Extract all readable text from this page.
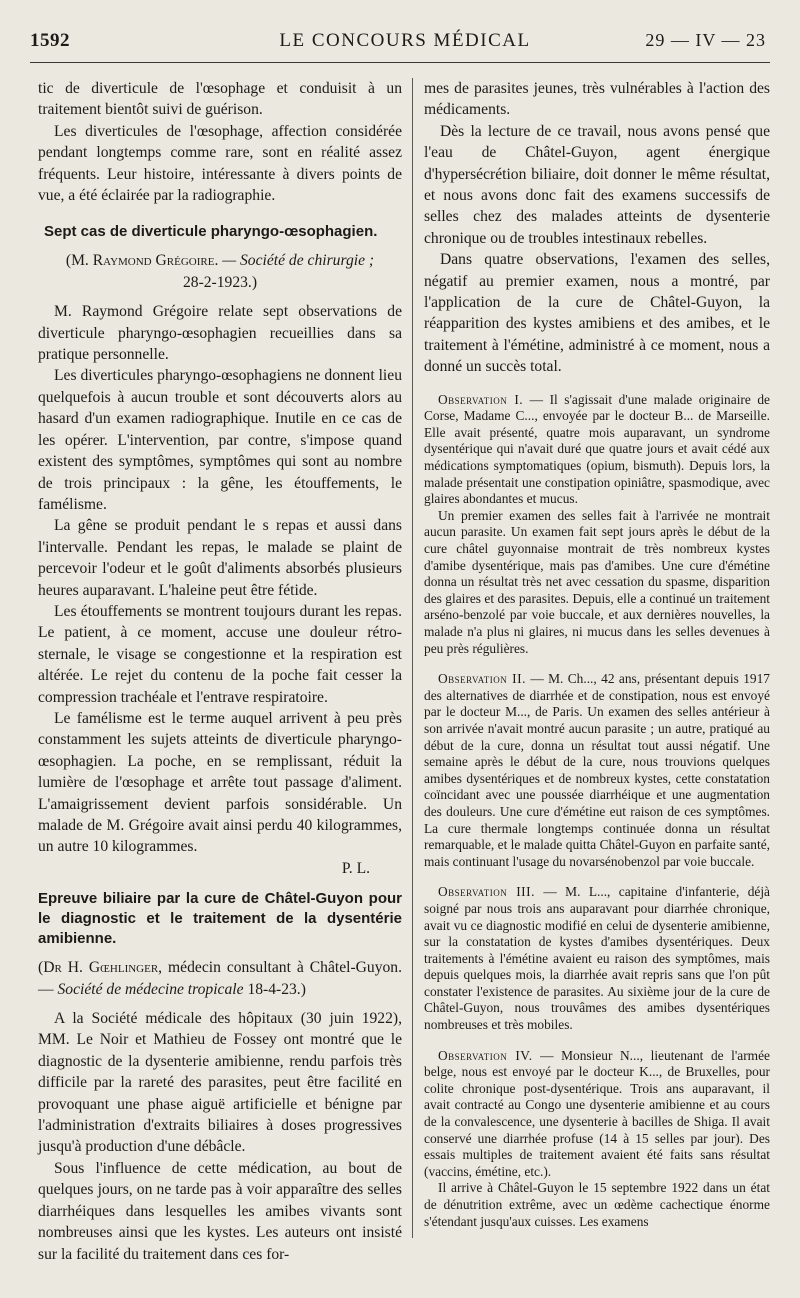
1592	LE CONCOURS MÉDICAL	29 — IV — 23

tic de diverticule de l'œsophage et conduisit à un traitement bientôt suivi de guérison.

Les diverticules de l'œsophage, affection considérée pendant longtemps comme rare, sont en réalité assez fréquents. Leur histoire, intéressante à divers points de vue, a été éclairée par la radiographie.

Sept cas de diverticule pharyngo-œsophagien.
(M. Raymond Grégoire. — Société de chirurgie ;
28-2-1923.)

M. Raymond Grégoire relate sept observations de diverticule pharyngo-œsophagien recueillies dans sa pratique personnelle.

Les diverticules pharyngo-œsophagiens ne donnent lieu quelquefois à aucun trouble et sont découverts alors au hasard d'un examen radiographique. Inutile en ce cas de les opérer. L'intervention, par contre, s'impose quand existent des symptômes, symptômes qui sont au nombre de trois principaux : la gêne, les étouffements, le famélisme.

La gêne se produit pendant le s repas et aussi dans l'intervalle. Pendant les repas, le malade se plaint de percevoir l'odeur et le goût d'aliments absorbés plusieurs heures auparavant. L'haleine peut être fétide.

Les étouffements se montrent toujours durant les repas. Le patient, à ce moment, accuse une douleur rétro-sternale, le visage se congestionne et la respiration est altérée. Le rejet du contenu de la poche fait cesser la compression trachéale et l'entrave respiratoire.

Le famélisme est le terme auquel arrivent à peu près constamment les sujets atteints de diverticule pharyngo-œsophagien. La poche, en se remplissant, réduit la lumière de l'œsophage et arrête tout passage d'aliment. L'amaigrissement devient parfois sonsidérable. Un malade de M. Grégoire avait ainsi perdu 40 kilogrammes, un autre 10 kilogrammes.

P. L.
Epreuve biliaire par la cure de Châtel-Guyon pour le diagnostic et le traitement de la dysentérie amibienne.
(Dr H. Gœhlinger, médecin consultant à Châtel-Guyon. — Société de médecine tropicale 18-4-23.)

A la Société médicale des hôpitaux (30 juin 1922), MM. Le Noir et Mathieu de Fossey ont montré que le diagnostic de la dysenterie amibienne, rendu parfois très difficile par la rareté des parasites, peut être facilité en provoquant une phase aiguë artificielle et bénigne par l'administration d'extraits biliaires à doses progressives jusqu'à production d'une débâcle.

Sous l'influence de cette médication, au bout de quelques jours, on ne tarde pas à voir apparaître des selles diarrhéiques dans lesquelles les amibes vivants sont nombreuses ainsi que les kystes. Les auteurs ont insisté sur la facilité du traitement dans ces for-

mes de parasites jeunes, très vulnérables à l'action des médicaments.

Dès la lecture de ce travail, nous avons pensé que l'eau de Châtel-Guyon, agent énergique d'hypersécrétion biliaire, doit donner le même résultat, et nous avons donc fait des examens successifs de selles chez des malades atteints de dysenterie chronique ou de troubles intestinaux rebelles.

Dans quatre observations, l'examen des selles, négatif au premier examen, nous a montré, par l'application de la cure de Châtel-Guyon, la réapparition des kystes amibiens et des amibes, et le traitement à l'émétine, administré à ce moment, nous a donné un succès total.

Observation I. — Il s'agissait d'une malade originaire de Corse, Madame C..., envoyée par le docteur B... de Marseille. Elle avait présenté, quatre mois auparavant, un syndrome dysentérique qui n'avait duré que quatre jours et avait cédé aux médications symptomatiques (opium, bismuth). Depuis lors, la malade présentait une constipation opiniâtre, spasmodique, avec glaires abondantes et mucus.

Un premier examen des selles fait à l'arrivée ne montrait aucun parasite. Un examen fait sept jours après le début de la cure châtel guyonnaise montrait de très nombreux kystes d'amibe dysentérique, mais pas d'amibes. Une cure d'émétine donna un résultat très net avec cessation du spasme, disparition des glaires et des parasites. Depuis, elle a continué un traitement arséno-benzolé par voie buccale, et aux dernières nouvelles, la malade n'a plus ni glaires, ni mucus dans les selles devenues à peu près régulières.

Observation II. — M. Ch..., 42 ans, présentant depuis 1917 des alternatives de diarrhée et de constipation, nous est envoyé par le docteur M..., de Paris. Un examen des selles antérieur à son arrivée n'avait montré aucun parasite ; un autre, pratiqué au début de la cure, donna un résultat tout aussi négatif. Une semaine après le début de la cure, nous trouvions quelques amibes dysentériques et de nombreux kystes, cette constatation coïncidant avec une poussée diarrhéique et une augmentation des douleurs. Une cure d'émétine eut raison de ces symptômes. La cure thermale longtemps continuée donna un résultat remarquable, et le malade quitta Châtel-Guyon en parfaite santé, mais continuant l'usage du novarsénobenzol par voie buccale.

Observation III. — M. L..., capitaine d'infanterie, déjà soigné par nous trois ans auparavant pour diarrhée chronique, avait vu ce diagnostic modifié en celui de dysenterie amibienne, sur la constatation de kystes d'amibes dysentériques. Deux traitements à l'émétine avaient eu raison des symptômes, mais depuis quelques mois, la diarrhée avait repris sans que l'on pût constater l'existence de parasites. Au sixième jour de la cure de Châtel-Guyon, nous trouvâmes des amibes dysentériques nombreuses et très mobiles.

Observation IV. — Monsieur N..., lieutenant de l'armée belge, nous est envoyé par le docteur K..., de Bruxelles, pour colite chronique post-dysentérique. Trois ans auparavant, il avait contracté au Congo une dysenterie amibienne et au cours de la convalescence, une dysenterie à bacilles de Shiga. Il avait conservé une diarrhée profuse (14 à 15 selles par jour). Des essais multiples de traitement avaient été faits sans résultat (vaccins, émétine, etc.).

Il arrive à Châtel-Guyon le 15 septembre 1922 dans un état de dénutrition extrême, avec un œdème cachectique énorme s'étendant jusqu'aux cuisses. Les examens
